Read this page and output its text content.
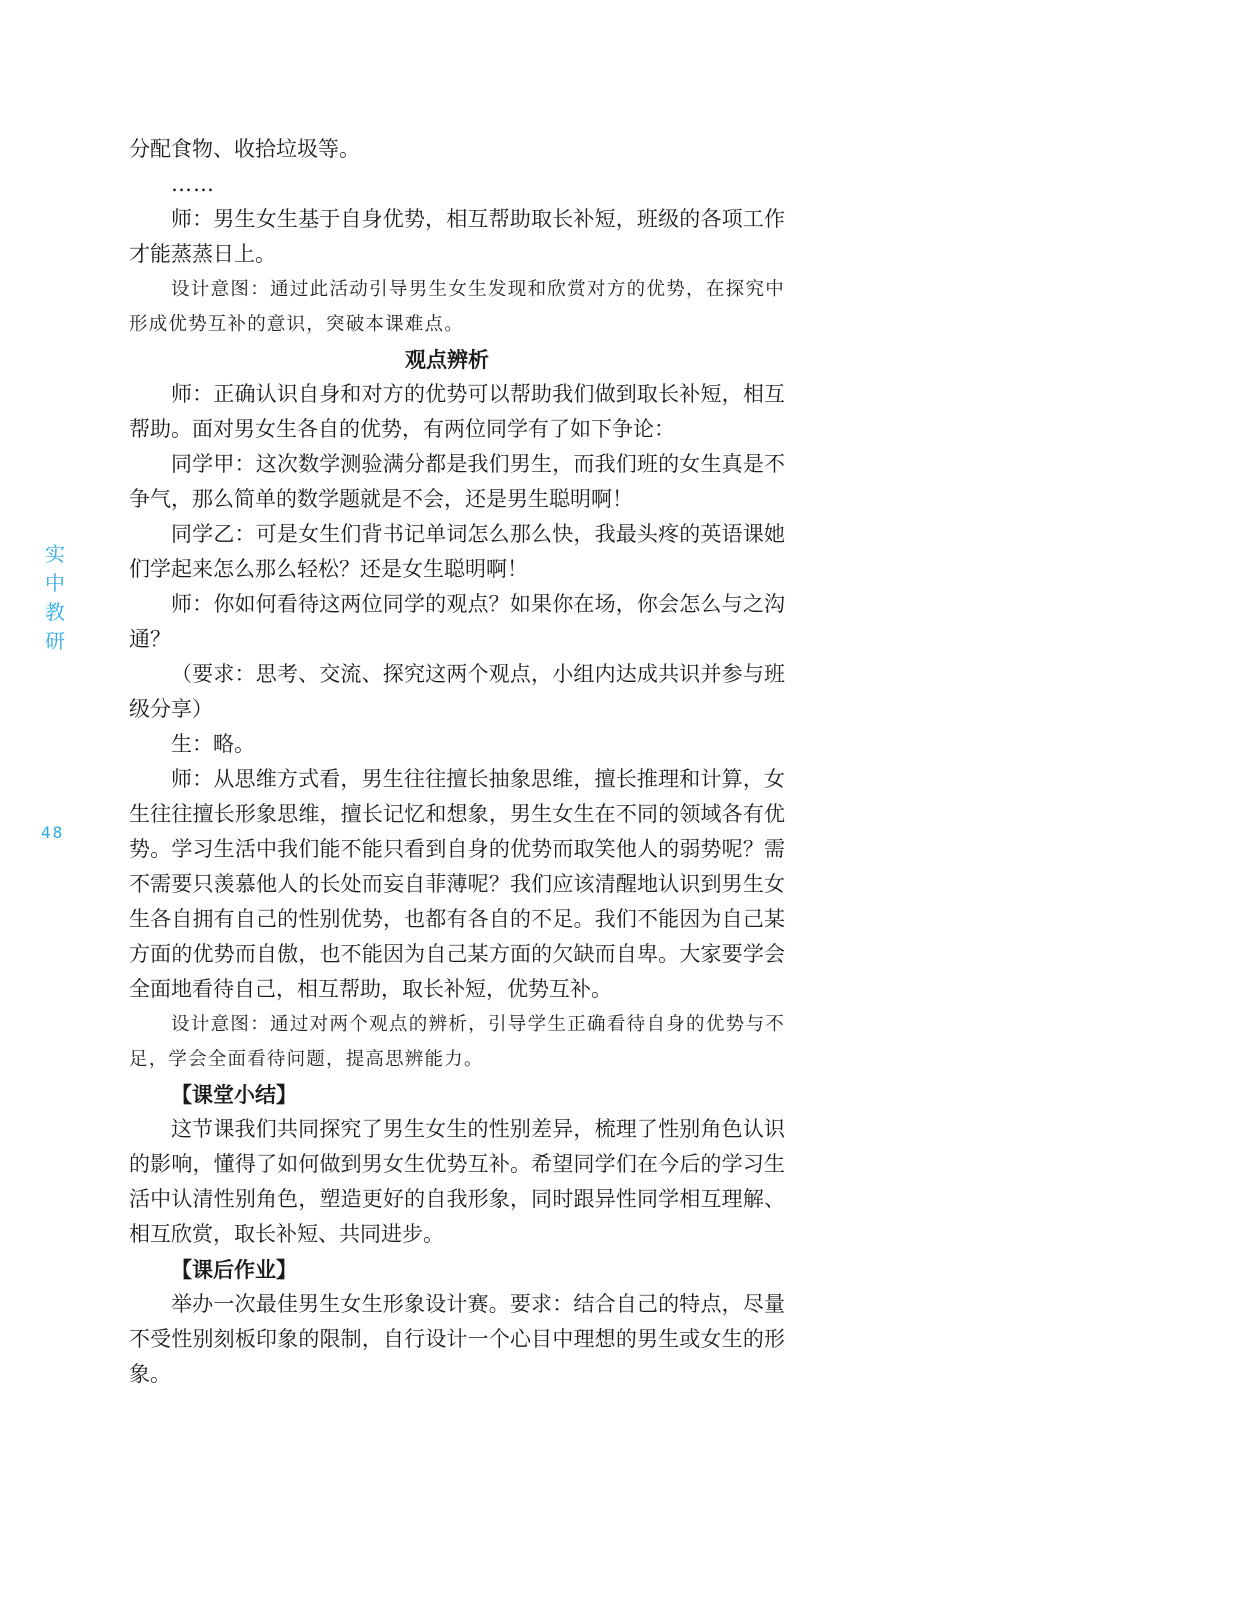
实
中
教
研
48

分配食物、收拾垃圾等。

……

师：男生女生基于自身优势，相互帮助取长补短，班级的各项工作才能蒸蒸日上。

设计意图：通过此活动引导男生女生发现和欣赏对方的优势，在探究中形成优势互补的意识，突破本课难点。

观点辨析

师：正确认识自身和对方的优势可以帮助我们做到取长补短，相互帮助。面对男女生各自的优势，有两位同学有了如下争论：

同学甲：这次数学测验满分都是我们男生，而我们班的女生真是不争气，那么简单的数学题就是不会，还是男生聪明啊！

同学乙：可是女生们背书记单词怎么那么快，我最头疼的英语课她们学起来怎么那么轻松？还是女生聪明啊！

师：你如何看待这两位同学的观点？如果你在场，你会怎么与之沟通？

（要求：思考、交流、探究这两个观点，小组内达成共识并参与班级分享）

生：略。

师：从思维方式看，男生往往擅长抽象思维，擅长推理和计算，女生往往擅长形象思维，擅长记忆和想象，男生女生在不同的领域各有优势。学习生活中我们能不能只看到自身的优势而取笑他人的弱势呢？需不需要只羡慕他人的长处而妄自菲薄呢？我们应该清醒地认识到男生女生各自拥有自己的性别优势，也都有各自的不足。我们不能因为自己某方面的优势而自傲，也不能因为自己某方面的欠缺而自卑。大家要学会全面地看待自己，相互帮助，取长补短，优势互补。

设计意图：通过对两个观点的辨析，引导学生正确看待自身的优势与不足，学会全面看待问题，提高思辨能力。

【课堂小结】

这节课我们共同探究了男生女生的性别差异，梳理了性别角色认识的影响，懂得了如何做到男女生优势互补。希望同学们在今后的学习生活中认清性别角色，塑造更好的自我形象，同时跟异性同学相互理解、相互欣赏，取长补短、共同进步。

【课后作业】

举办一次最佳男生女生形象设计赛。要求：结合自己的特点，尽量不受性别刻板印象的限制，自行设计一个心目中理想的男生或女生的形象。
